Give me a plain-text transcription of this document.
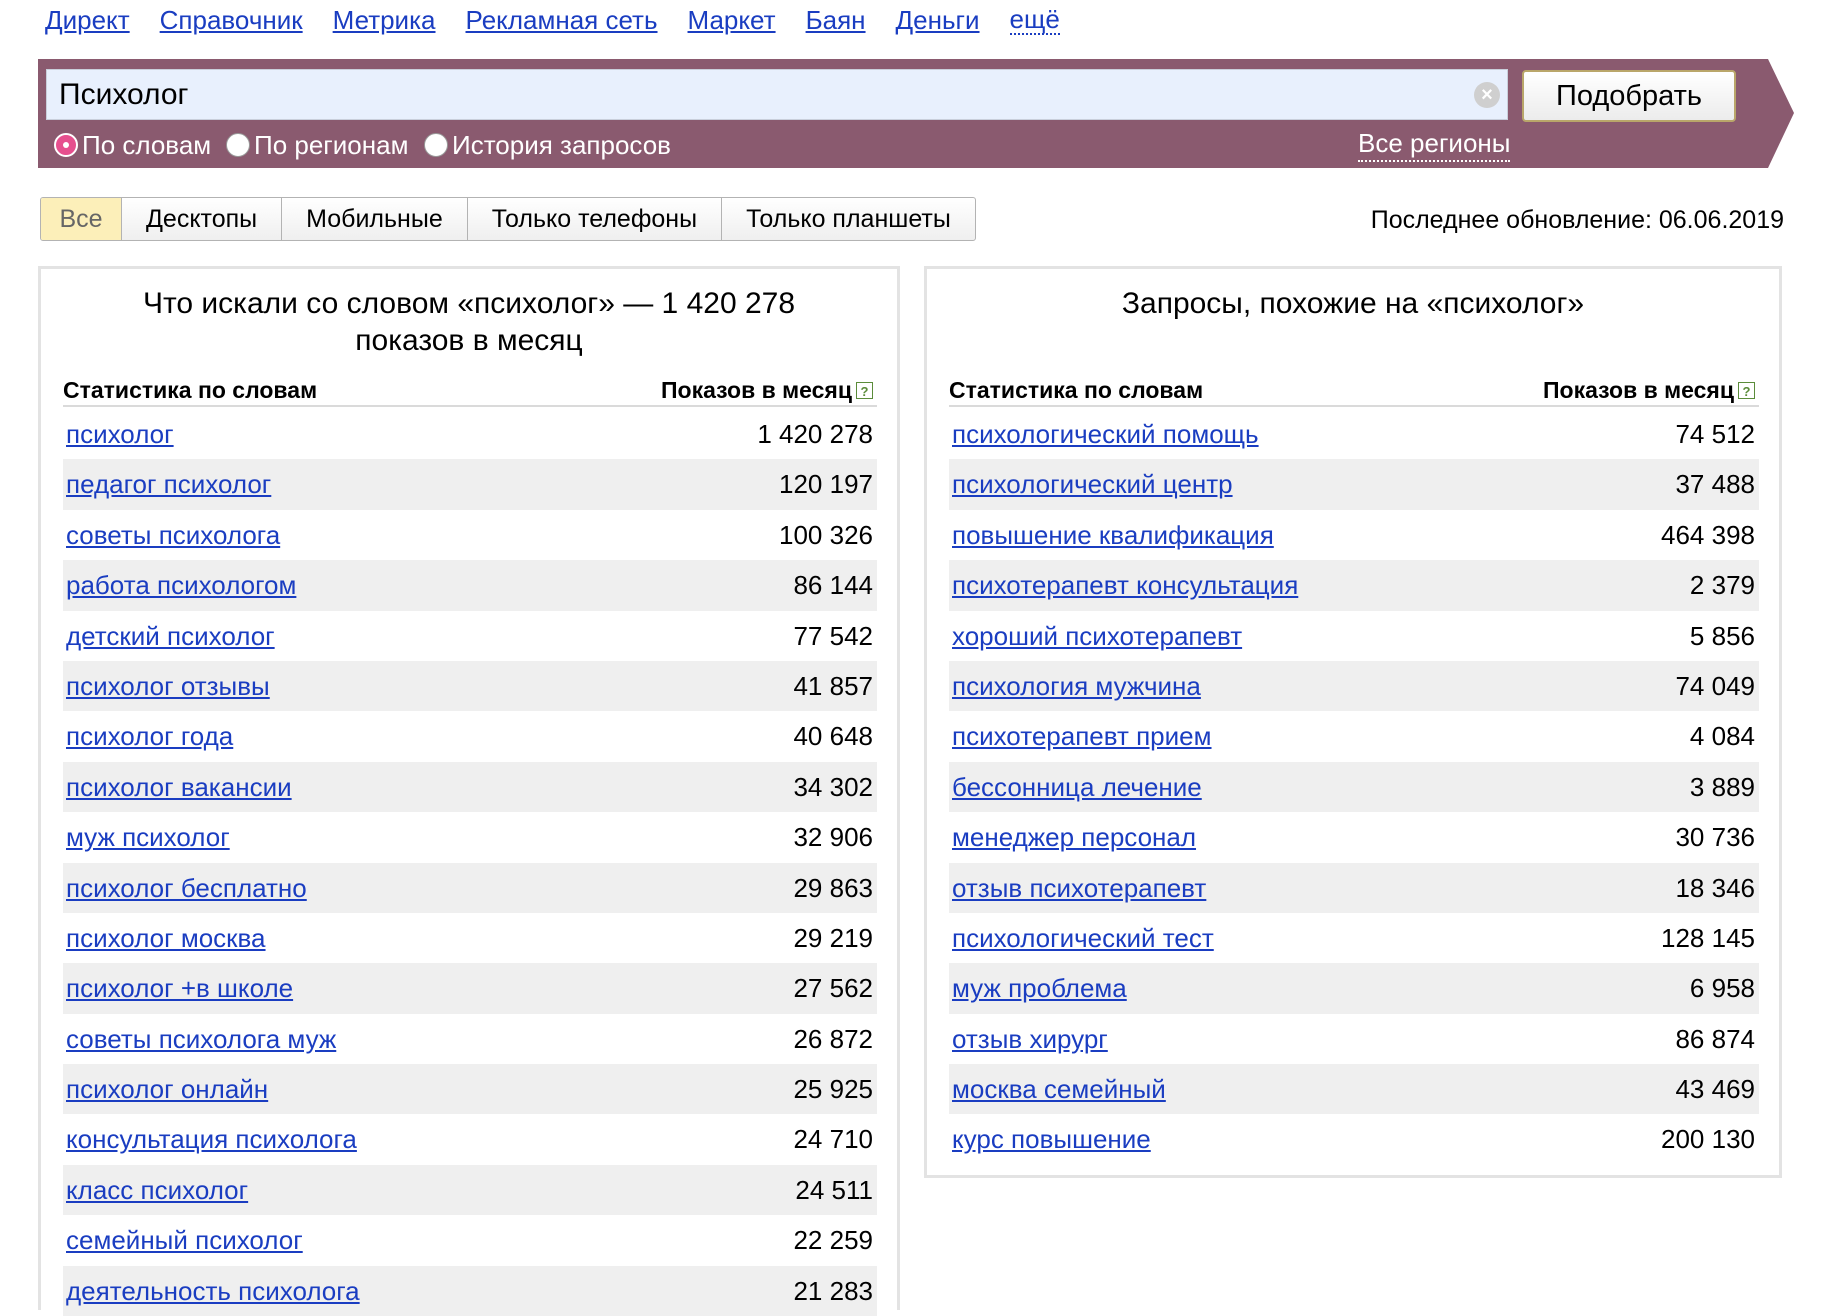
Директ Справочник Метрика Рекламная сеть Маркет Баян Деньги ещё
Психолог	×	Подобрать
По словам По регионам История запросов	Все регионы
Все	Десктопы	Мобильные	Только телефоны	Только планшеты	Последнее обновление: 06.06.2019
Что искали со словом «психолог» — 1 420 278
показов в месяц
Статистика по словам	Показов в месяц ?
психолог	1 420 278
педагог психолог	120 197
советы психолога	100 326
работа психологом	86 144
детский психолог	77 542
психолог отзывы	41 857
психолог года	40 648
психолог вакансии	34 302
муж психолог	32 906
психолог бесплатно	29 863
психолог москва	29 219
психолог +в школе	27 562
советы психолога муж	26 872
психолог онлайн	25 925
консультация психолога	24 710
класс психолог	24 511
семейный психолог	22 259
деятельность психолога	21 283
Запросы, похожие на «психолог»
Статистика по словам	Показов в месяц ?
психологический помощь	74 512
психологический центр	37 488
повышение квалификация	464 398
психотерапевт консультация	2 379
хороший психотерапевт	5 856
психология мужчина	74 049
психотерапевт прием	4 084
бессонница лечение	3 889
менеджер персонал	30 736
отзыв психотерапевт	18 346
психологический тест	128 145
муж проблема	6 958
отзыв хирург	86 874
москва семейный	43 469
курс повышение	200 130
